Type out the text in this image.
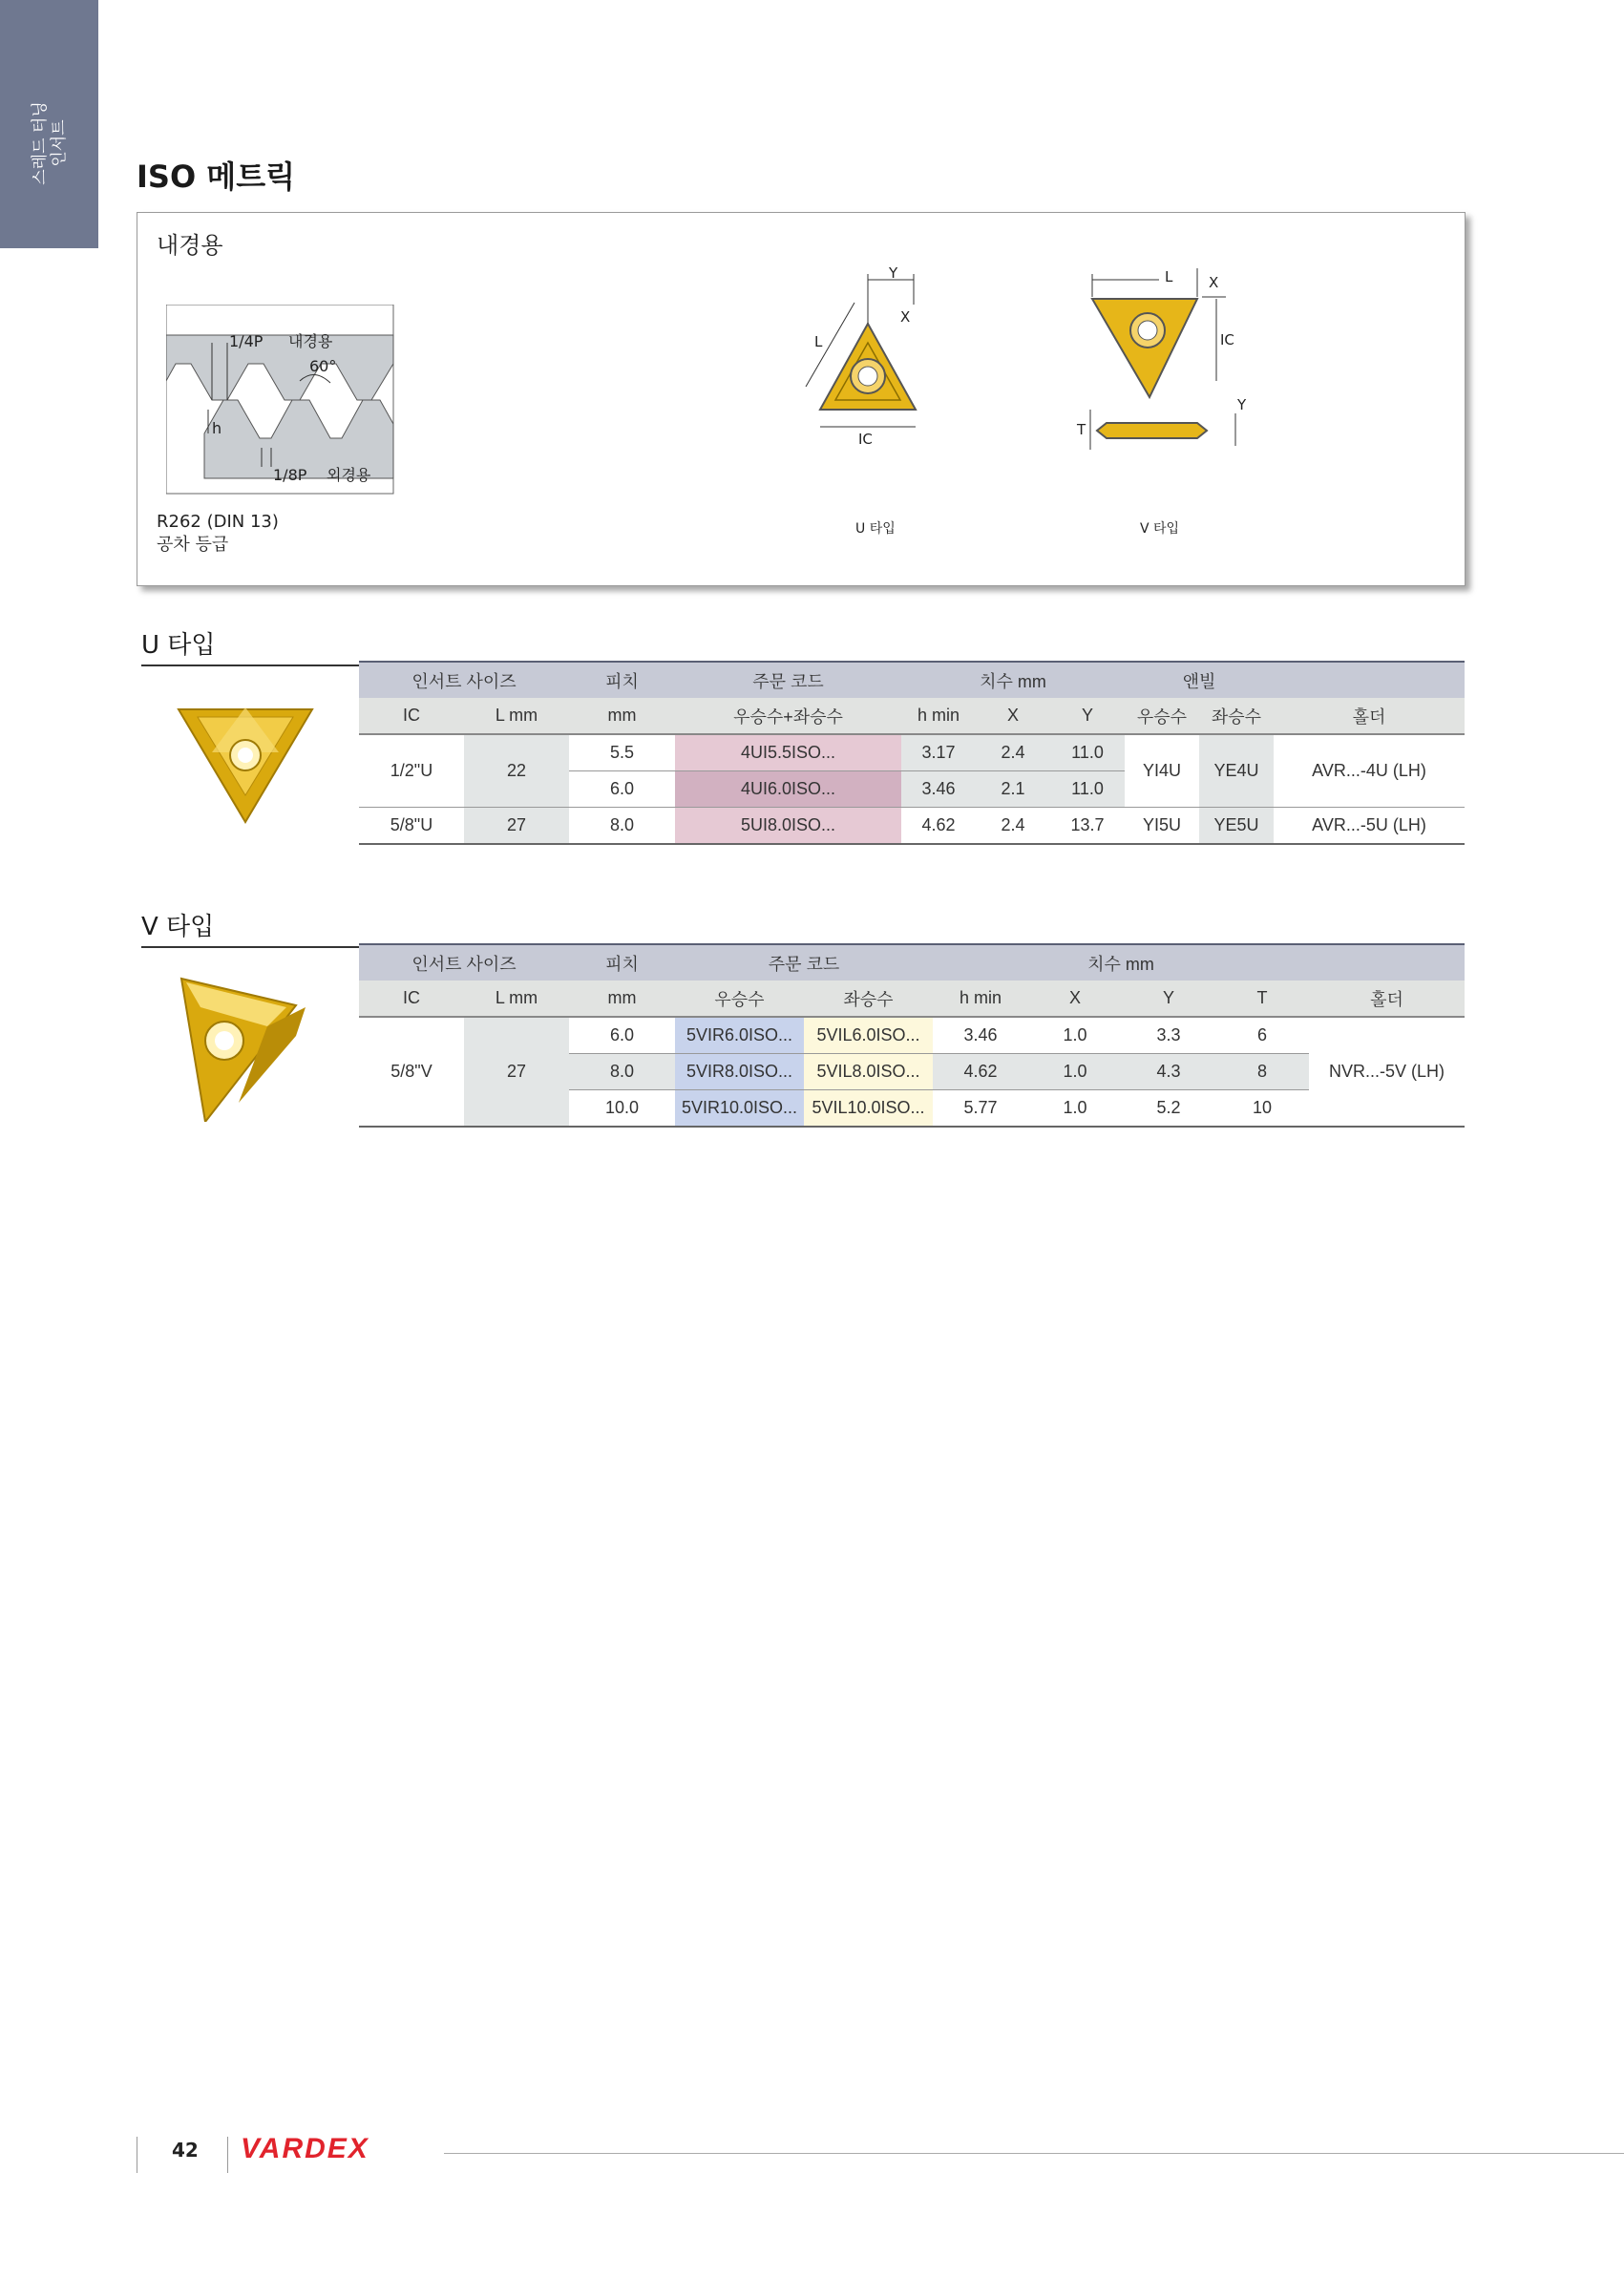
스레드 터닝 인서트
ISO 메트릭
내경용
1/4P 내경용
60°
h
1/8P 외경용
R262 (DIN 13)
공차 등급
Y
X
L
IC
L	X
IC
Y
T
U 타입	V 타입
U 타입
인서트 사이즈		피치	주문 코드	치수 mm			앤빌		
IC	L mm	mm	우승수+좌승수	h min	X	Y	우승수	좌승수	홀더
1/2"U	22	5.5	4UI5.5ISO...	3.17	2.4	11.0	YI4U	YE4U	AVR...-4U (LH)
		6.0	4UI6.0ISO...	3.46	2.1	11.0			
5/8"U	27	8.0	5UI8.0ISO...	4.62	2.4	13.7	YI5U	YE5U	AVR...-5U (LH)
V 타입
인서트 사이즈		피치	주문 코드		치수 mm				
IC	L mm	mm	우승수	좌승수	h min	X	Y	T	홀더
5/8"V	27	6.0	5VIR6.0ISO...	5VIL6.0ISO...	3.46	1.0	3.3	6	NVR...-5V (LH)
		8.0	5VIR8.0ISO...	5VIL8.0ISO...	4.62	1.0	4.3	8	
		10.0	5VIR10.0ISO...	5VIL10.0ISO...	5.77	1.0	5.2	10	
42 VARDEX
